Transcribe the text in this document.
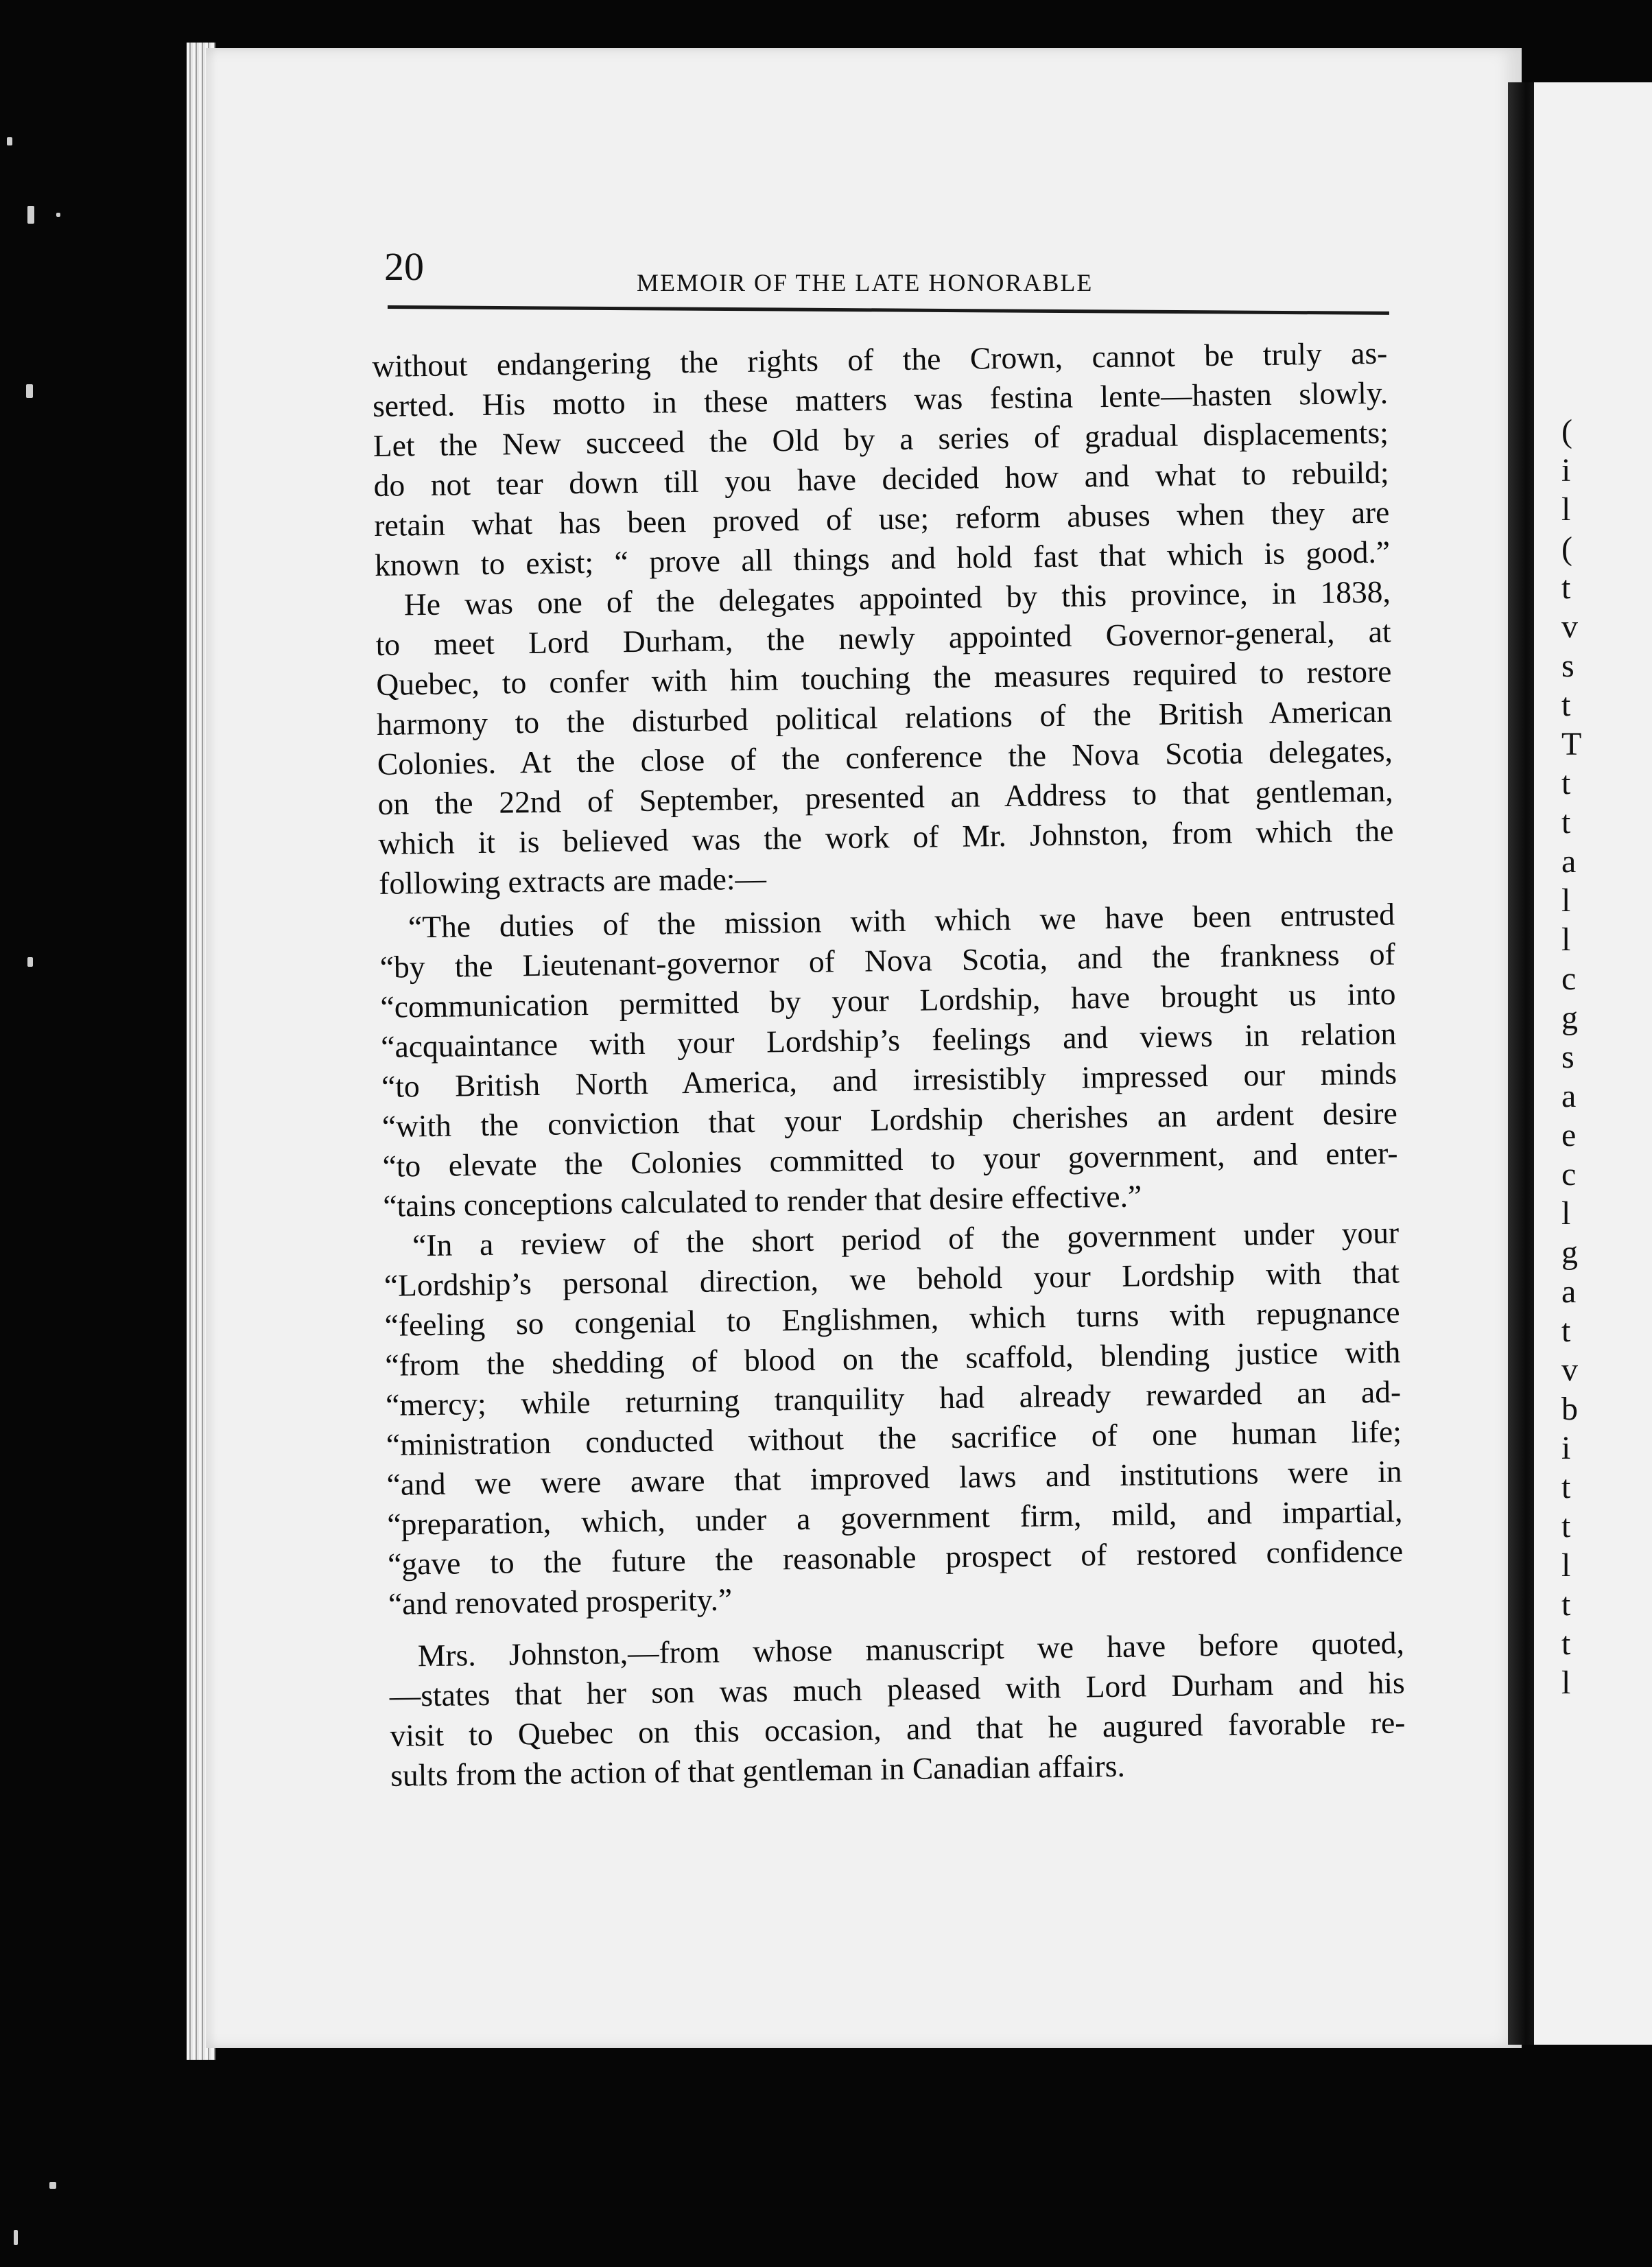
(
i
l
(
t
v
s
t
T
t
t
a
l
l
c
g
s
a
e
c
l
g
a
t
v
b
i
t
t
l
t
t
l
20	MEMOIR OF THE LATE HONORABLE
without endangering the rights of the Crown, cannot be truly as-
serted. His motto in these matters was festina lente—hasten slowly.
Let the New succeed the Old by a series of gradual displacements;
do not tear down till you have decided how and what to rebuild;
retain what has been proved of use; reform abuses when they are
known to exist; “ prove all things and hold fast that which is good.”
He was one of the delegates appointed by this province, in 1838,
to meet Lord Durham, the newly appointed Governor-general, at
Quebec, to confer with him touching the measures required to restore
harmony to the disturbed political relations of the British American
Colonies. At the close of the conference the Nova Scotia delegates,
on the 22nd of September, presented an Address to that gentleman,
which it is believed was the work of Mr. Johnston, from which the
following extracts are made:—
“The duties of the mission with which we have been entrusted
“by the Lieutenant-governor of Nova Scotia, and the frankness of
“communication permitted by your Lordship, have brought us into
“acquaintance with your Lordship’s feelings and views in relation
“to British North America, and irresistibly impressed our minds
“with the conviction that your Lordship cherishes an ardent desire
“to elevate the Colonies committed to your government, and enter-
“tains conceptions calculated to render that desire effective.”
“In a review of the short period of the government under your
“Lordship’s personal direction, we behold your Lordship with that
“feeling so congenial to Englishmen, which turns with repugnance
“from the shedding of blood on the scaffold, blending justice with
“mercy; while returning tranquility had already rewarded an ad-
“ministration conducted without the sacrifice of one human life;
“and we were aware that improved laws and institutions were in
“preparation, which, under a government firm, mild, and impartial,
“gave to the future the reasonable prospect of restored confidence
“and renovated prosperity.”
Mrs. Johnston,—from whose manuscript we have before quoted,
—states that her son was much pleased with Lord Durham and his
visit to Quebec on this occasion, and that he augured favorable re-
sults from the action of that gentleman in Canadian affairs.
